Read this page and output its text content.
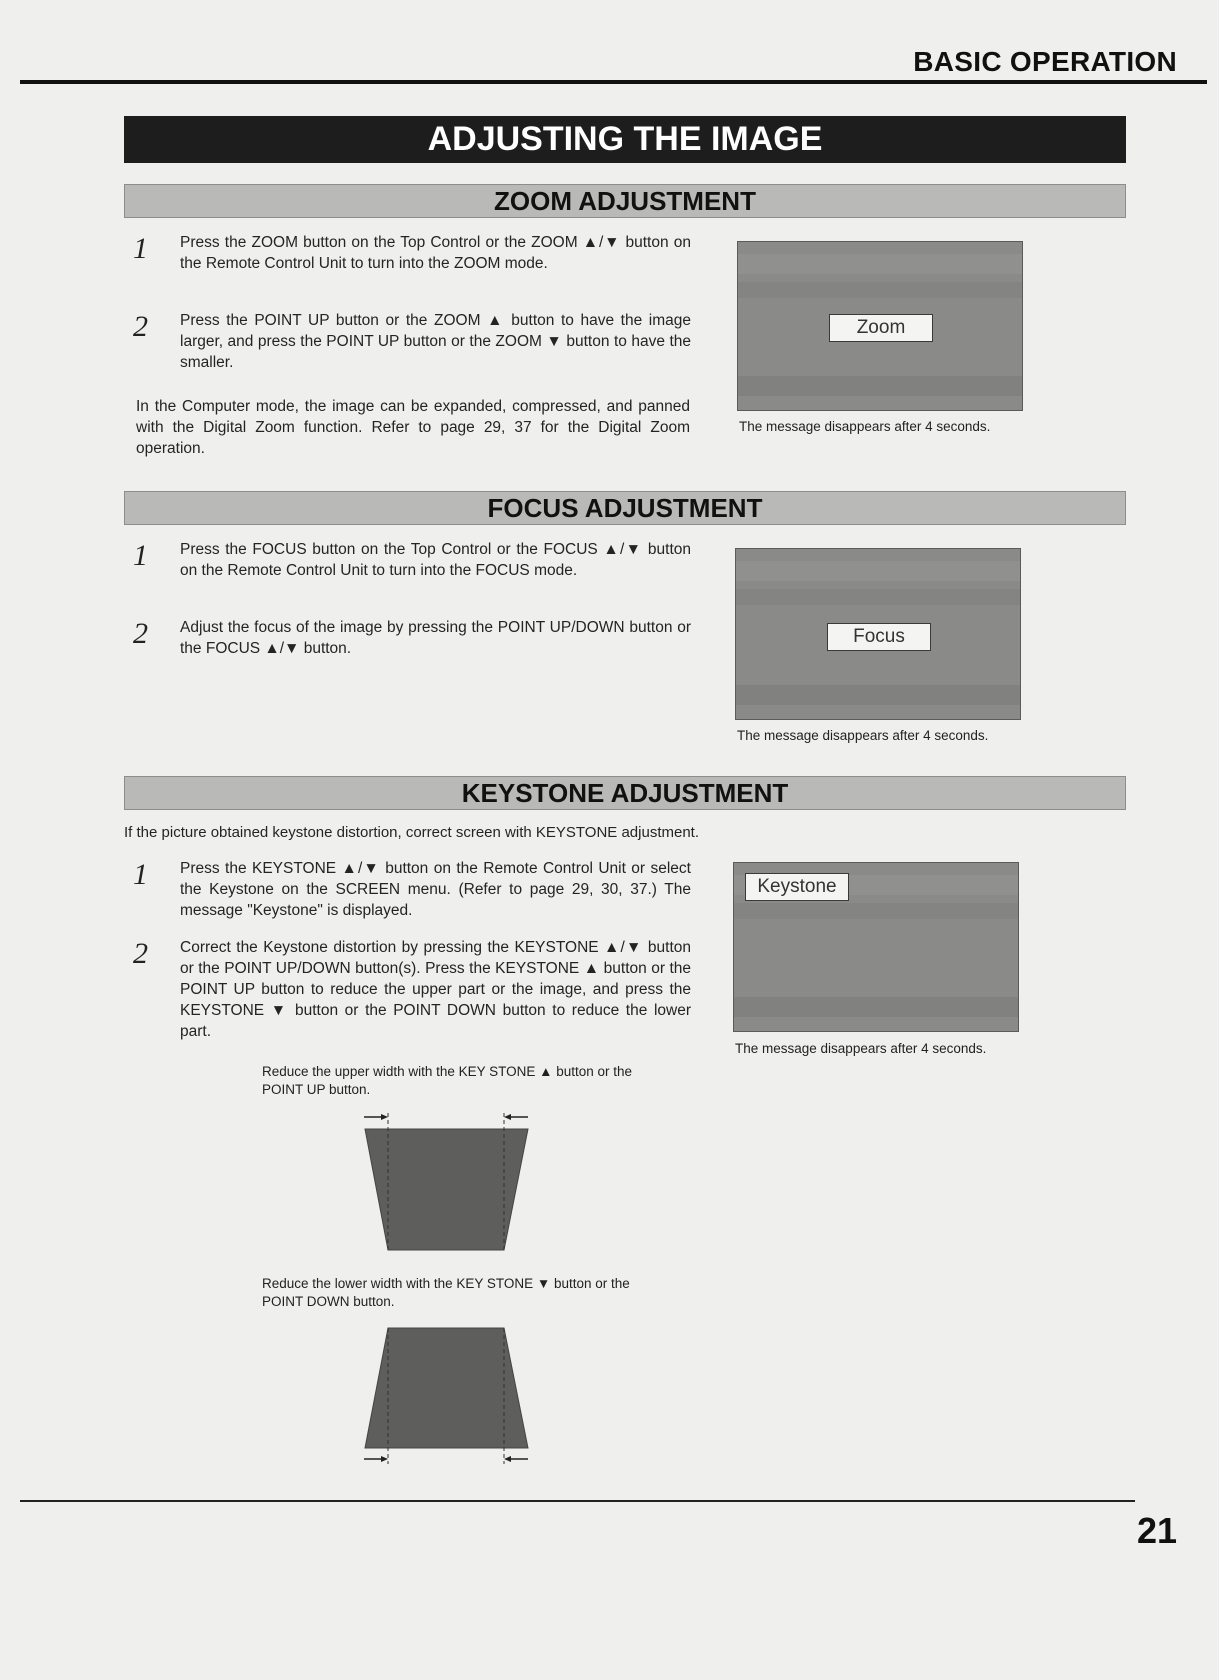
BASIC OPERATION
ADJUSTING THE IMAGE
ZOOM ADJUSTMENT
1 Press the ZOOM button on the Top Control or the ZOOM ▲/▼ button on the Remote Control Unit to turn into the ZOOM mode.
2 Press the POINT UP button or the ZOOM ▲ button to have the image larger, and press the POINT UP button or the ZOOM ▼ button to have the smaller.
In the Computer mode, the image can be expanded, compressed, and panned with the Digital Zoom function. Refer to page 29, 37 for the Digital Zoom operation.
Zoom
The message disappears after 4 seconds.
FOCUS ADJUSTMENT
1 Press the FOCUS button on the Top Control or the FOCUS ▲/▼ button on the Remote Control Unit to turn into the FOCUS mode.
2 Adjust the focus of the image by pressing the POINT UP/DOWN button or the FOCUS ▲/▼ button.
Focus
The message disappears after 4 seconds.
KEYSTONE ADJUSTMENT
If the picture obtained keystone distortion, correct screen with KEYSTONE adjustment.
1 Press the KEYSTONE ▲/▼ button on the Remote Control Unit or select the Keystone on the SCREEN menu. (Refer to page 29, 30, 37.) The message "Keystone" is displayed.
2 Correct the Keystone distortion by pressing the KEYSTONE ▲/▼ button or the POINT UP/DOWN button(s). Press the KEYSTONE ▲ button or the POINT UP button to reduce the upper part or the image, and press the KEYSTONE ▼ button or the POINT DOWN button to reduce the lower part.
Keystone
The message disappears after 4 seconds.
Reduce the upper width with the KEY STONE ▲ button or the POINT UP button.
Reduce the lower width with the KEY STONE ▼ button or the POINT DOWN button.
21
